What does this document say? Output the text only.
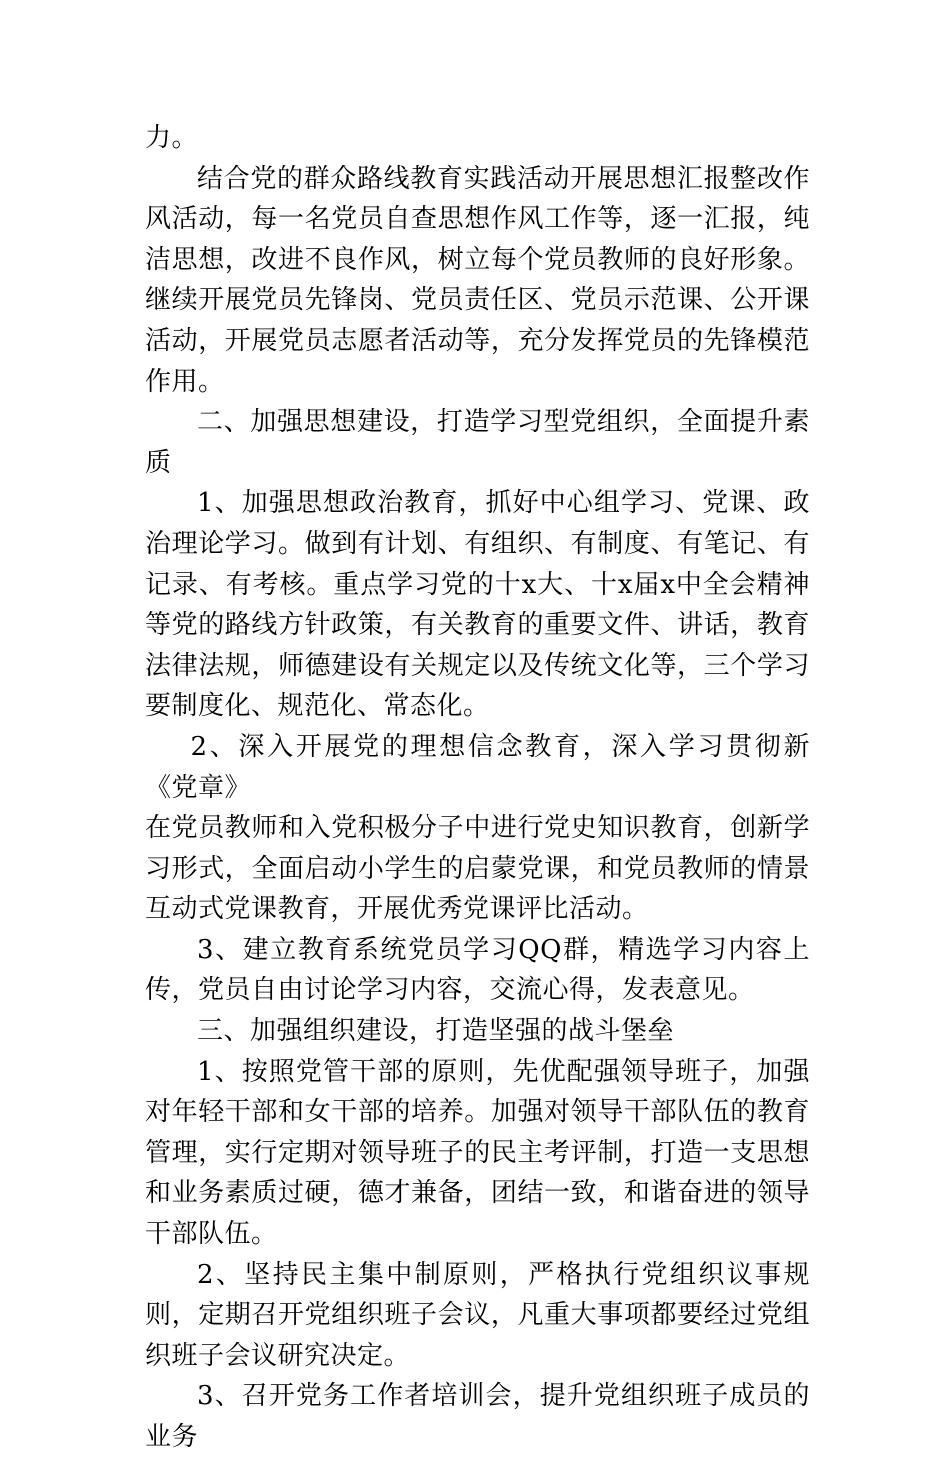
力。

结合党的群众路线教育实践活动开展思想汇报整改作风活动，每一名党员自查思想作风工作等，逐一汇报，纯洁思想，改进不良作风，树立每个党员教师的良好形象。继续开展党员先锋岗、党员责任区、党员示范课、公开课活动，开展党员志愿者活动等，充分发挥党员的先锋模范作用。

二、加强思想建设，打造学习型党组织，全面提升素质

1、加强思想政治教育，抓好中心组学习、党课、政治理论学习。做到有计划、有组织、有制度、有笔记、有记录、有考核。重点学习党的十x大、十x届x中全会精神等党的路线方针政策，有关教育的重要文件、讲话，教育法律法规，师德建设有关规定以及传统文化等，三个学习要制度化、规范化、常态化。

2、深入开展党的理想信念教育，深入学习贯彻新《党章》

在党员教师和入党积极分子中进行党史知识教育，创新学习形式，全面启动小学生的启蒙党课，和党员教师的情景互动式党课教育，开展优秀党课评比活动。

3、建立教育系统党员学习QQ群，精选学习内容上传，党员自由讨论学习内容，交流心得，发表意见。

三、加强组织建设，打造坚强的战斗堡垒

1、按照党管干部的原则，先优配强领导班子，加强对年轻干部和女干部的培养。加强对领导干部队伍的教育管理，实行定期对领导班子的民主考评制，打造一支思想和业务素质过硬，德才兼备，团结一致，和谐奋进的领导干部队伍。

2、坚持民主集中制原则，严格执行党组织议事规则，定期召开党组织班子会议，凡重大事项都要经过党组织班子会议研究决定。

3、召开党务工作者培训会，提升党组织班子成员的业务
